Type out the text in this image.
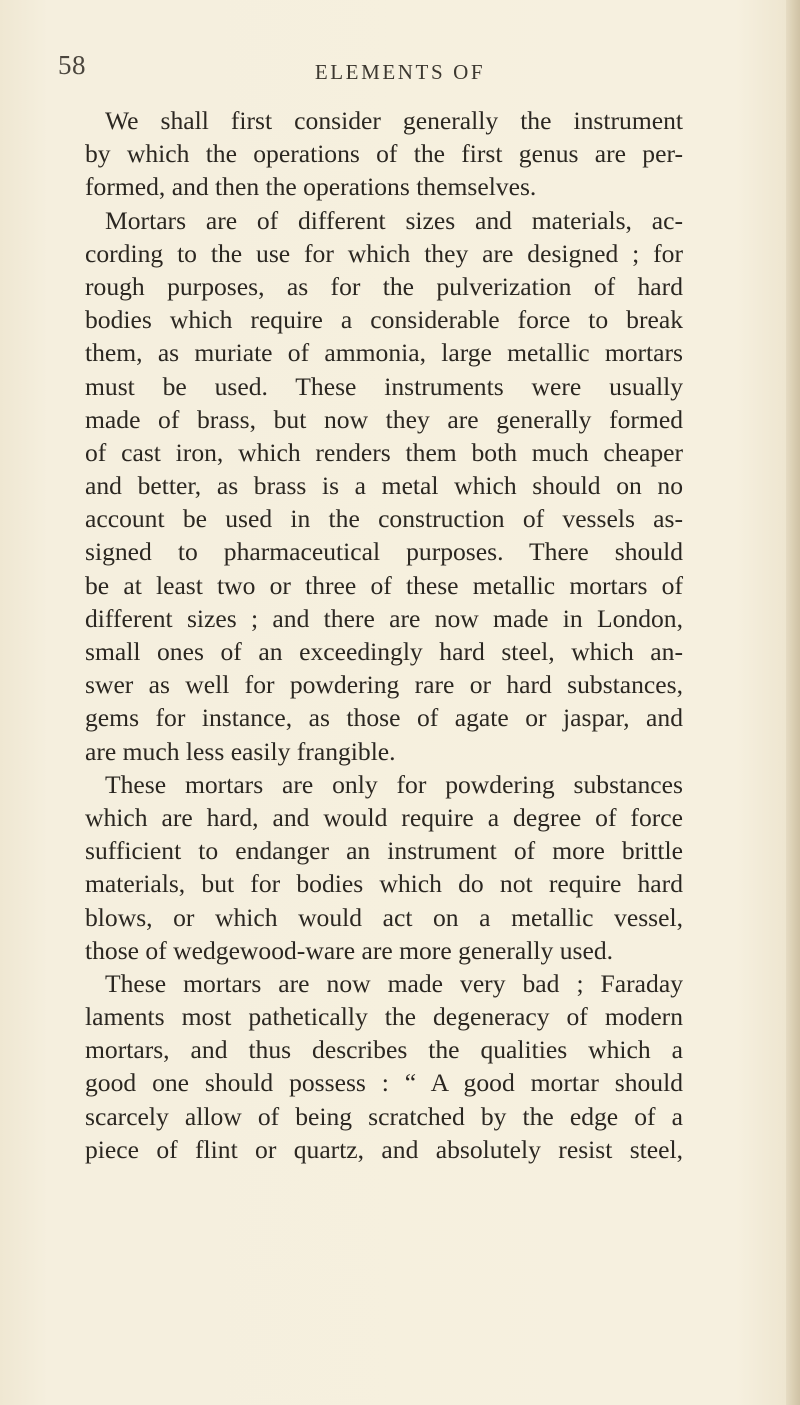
58	ELEMENTS OF
We shall first consider generally the instrument
by which the operations of the first genus are per-
formed, and then the operations themselves.
Mortars are of different sizes and materials, ac-
cording to the use for which they are designed ; for
rough purposes, as for the pulverization of hard
bodies which require a considerable force to break
them, as muriate of ammonia, large metallic mortars
must be used. These instruments were usually
made of brass, but now they are generally formed
of cast iron, which renders them both much cheaper
and better, as brass is a metal which should on no
account be used in the construction of vessels as-
signed to pharmaceutical purposes. There should
be at least two or three of these metallic mortars of
different sizes ; and there are now made in London,
small ones of an exceedingly hard steel, which an-
swer as well for powdering rare or hard substances,
gems for instance, as those of agate or jaspar, and
are much less easily frangible.
These mortars are only for powdering substances
which are hard, and would require a degree of force
sufficient to endanger an instrument of more brittle
materials, but for bodies which do not require hard
blows, or which would act on a metallic vessel,
those of wedgewood-ware are more generally used.
These mortars are now made very bad ; Faraday
laments most pathetically the degeneracy of modern
mortars, and thus describes the qualities which a
good one should possess : “ A good mortar should
scarcely allow of being scratched by the edge of a
piece of flint or quartz, and absolutely resist steel,
